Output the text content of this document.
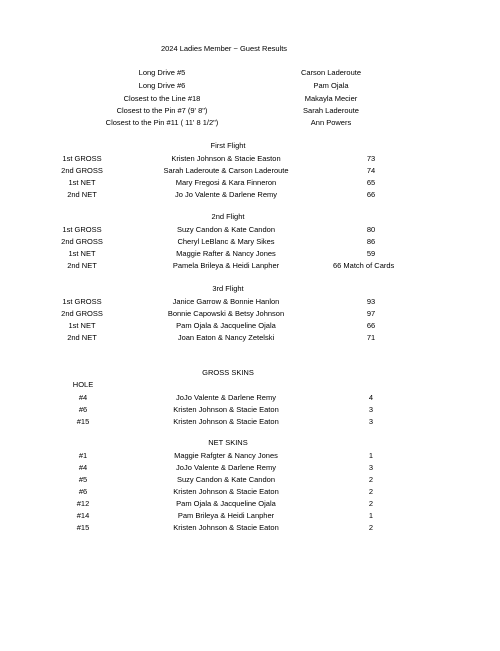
2024 Ladies Member ~ Guest Results
Long Drive #5	Carson Laderoute
Long Drive #6	Pam Ojala
Closest to the Line #18	Makayla Mecier
Closest to the Pin #7 (9' 8")	Sarah Laderoute
Closest to the Pin #11 ( 11' 8 1/2")	Ann Powers
First Flight
1st GROSS	Kristen Johnson & Stacie Easton	73
2nd GROSS	Sarah Laderoute & Carson Laderoute	74
1st NET	Mary Fregosi & Kara Finneron	65
2nd NET	Jo Jo Valente & Darlene Remy	66
2nd Flight
1st GROSS	Suzy Candon & Kate Candon	80
2nd GROSS	Cheryl LeBlanc & Mary Sikes	86
1st NET	Maggie Rafter & Nancy Jones	59
2nd NET	Pamela Brileya & Heidi Lanpher	66 Match of Cards
3rd Flight
1st GROSS	Janice Garrow & Bonnie Hanlon	93
2nd GROSS	Bonnie Capowski & Betsy Johnson	97
1st NET	Pam Ojala & Jacqueline Ojala	66
2nd NET	Joan Eaton & Nancy Zetelski	71
GROSS SKINS
HOLE
#4	JoJo Valente & Darlene Remy	4
#6	Kristen Johnson & Stacie Eaton	3
#15	Kristen Johnson & Stacie Eaton	3
NET SKINS
#1	Maggie Rafgter & Nancy Jones	1
#4	JoJo Valente & Darlene Remy	3
#5	Suzy Candon & Kate Candon	2
#6	Kristen Johnson & Stacie Eaton	2
#12	Pam Ojala & Jacqueline Ojala	2
#14	Pam Brileya & Heidi Lanpher	1
#15	Kristen Johnson & Stacie Eaton	2
